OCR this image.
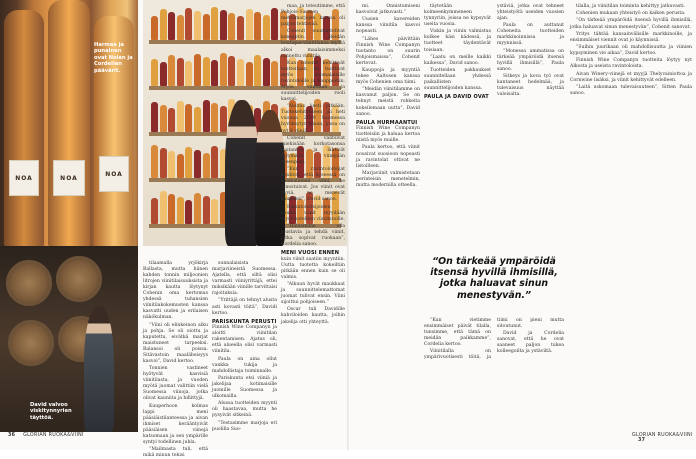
NOA	NOA
NOA
Harmaa ja punainen ovat Nolan ja Cordelian päävärit.
David valvoo viskitynnyrien täyttöä.

tilaamalla yrjökirja Ballasta, mutta hänen kahden tonnin miljoonien litrojen viinitilaisuuksista ja kirjan kautta löytynyt Cohenin oma kertomus yhdessä tuhansien viinitilakokemusten kanssa kasvatti uuden ja erilaisen näkökulman.

“Viini oli elinkeinon alku ja pohja. Se oli oiottu ja kaputettu, eivätkä marjat maistuneet tarpeeksi. Balansoi oli poissa. Sitävastoin maaläheisyys kasvoi”, David kertoo.

Tonnien vastineet hyötyvät kasvisiä viinitilasta, ja vuoden myötä juomat valittiin vielä Suomessa viinoja, jotka olivat kauniita ja hillittyjä.

Kuuperhoon kolmas lappi meni pääsiäistilanteessa ja aivan ihmiset kerääntyivät pääsiäisen viinejä katsomaan ja sen ympärille syntyi todellinen juhla.

“Mailmasta tuli, että mikä minun tekisi

sunnalaisista marjaviineistä Suomessa. Ajatella, että siltä olisi varmasti viiniyrittäjä, ettei miksikään viinille tarvittaisi rajoituksia.

“Yrittäjä on tehnyt alusta asti kovasti töitä”, Davidi kertoo.

PARISKUNTA PERUSTI

Finnish Wine Companyn ja aloitti viinitilan rakentamisen. Ajatus oli, että alueella olisi varmasti viinitila.

Paula on aina ollut vankka tukija ja mahdollistaja toiminnalle.

Pariskunta etsi viiniä ja jakelijaa kotimaisille juomille Suomessa ja ulkomailla.

Alussa tuotteiden myynti oli haastavaa, mutta he pysyivät sitkeinä.

“Testasimme marjoja eri puolilla Suo-

maa, ja toteutimme, että Pohjois-Suomen metsämarjojen kanssa oli paljon tehtävää.

Cohenit suunnittelivat konseptin. Heidän boutique-viinitilansa myötä alkoi maalaisimmeksi tunnettu viinitila.

Kun cohenit kehittivät tuotteitaan, he tuottivat myös suomalaisille ravintoloille ja kauppoihin. Myös viinitilan ja suunnittelijoiden rooli kasvoi.

“Aloitus kesti pitkään. Tuotekehitykseen jäi heti vuonna 2019 Suomessa hyväksytyn tilaan, jossa on nyt 8 viiniä.

Cohenit valitsivat miehisään korkotasonsa tuotantoa ja lähtivät myymään viinejään eteenpäin.

“Kun ravintoloitsijat kuulivat, että kyseessä on suomalainen viini, he innostuivat. Jos viinit ovat hyviä, ne menevät kaupaksi”, David sanoo.

Ravintoloitsijoiden kautta viinit myydään myös hotellien viinilistoille.

“Halusimme olla joustavia ja tehdä viinit, jotka sopivat ruokaan”, Cordelia sanoo.

MENI VUOSI ENNEN

kuin viinit saatiin myyntiin. Uutta tuotetta kokeiltiin pitkään ennen kuin se oli valmis.

“Alkuun hyvät maukkaat ja suunnittelemattomat juomat tulivat ensin. Viini sijoittui pohjoiseen.”

Oscar tuli Davidille kahviloiden kautta, joihin jakelija otti yhteyttä.

mi. Onnistumiseni kasvoivat jatkuvasti.”

Uusien kavereiden kanssa viinitila kasvoi nopeasti.

“Lähes päivittäin Finnish Wine Companyn tuotanto on suurin Pohjoismaissa”, Cohenit kertovat.

Kauppoja ja myyntiä tekee Aaltosen kanssa myös Cohenien oma tiimi.

“Meidän viinitilamme on kasvanut paljon. Se on tehnyt meistä rohkeita kokeilemaan uutta”, David sanoo.

PAULA HURMAANTUI

Finnish Wine Companyn tuotteisiin ja haluaa kertoa niistä myös muille.

Paula kertoo, että viinit nousivat suosioon nopeasti ja ravintolat ottivat ne listoilleen.

Marjaviinit valmistetaan perinteisin menetelmin, mutta modernilla otteella.

täytetään kolmeenkymmeneen tynnyriin, joissa ne kypsyvät useita vuosia.

Viskin ja viinin valmistus kulkee käsi kädessä, ja tuotteet täydentävät toisiaan.

“Laatu on meille kaikki kaikessa”, David sanoo.

Tuotteiden pakkaukset suunnitellaan yhdessä paikallisten suunnittelijoiden kanssa.

PAULA JA DAVID OVAT

ystäviä, jotka ovat tehneet yhteistyötä useiden vuosien ajan.

Paula on auttanut Coheneita tuotteiden markkinoinnissa ja myynnissä.

“Monessa ammatissa on tärkeää ympäröidä itsensä hyvillä ihmisillä”, Paula sanoo.

Sitkeys ja kova työ ovat kantaneet hedelmää, ja tulevaisuus näyttää valoisalta.

“On tärkeää ympäröidä itsensä hyvillä ihmisillä, jotka haluavat sinun menestyvän.”

“Kun vietimme ensimmäiset päivät tilalla, tunsimme, että tämä on meidän paikkamme”, Cordelia kertoo.

Viinitilalla on ympärivuotisesti töitä, ja tiimi on pieni mutta sitoutunut.

David ja Cordelia sanovat, että he ovat saaneet paljon tukea kolleegoilta ja ystäviltä.

tilalla, ja viinitilan toiminta kehittyy jatkuvasti.

Cohenien mukaan yhteistyö on kaiken perusta.

“On tärkeää ympäröidä itsensä hyvillä ihmisillä, jotka haluavat sinun menestyvän”, Cohenit sanovat.

Yritys tähtää kansainvälisille markkinoille, ja ensimmäiset viennit ovat jo käynnissä.

“Suihin juurikaan oli mahdollisuutta ja viinien kypsyminen vie aikaa”, David kertoo.

Finnish Wine Companyn tuotteita löytyy nyt Alkosta ja useista ravintoloista.

Aivan Winery-viinejä et myyjä Thelyvainiottoa ja Cornwine lisäksi, ja viinit kehittyvät edelleen.

“Laitä uskomaan tulevaisuuteen”, Sitten Paula sanoo.

36 GLORIAN RUOKA&VIINI	GLORIAN RUOKA&VIINI 37
